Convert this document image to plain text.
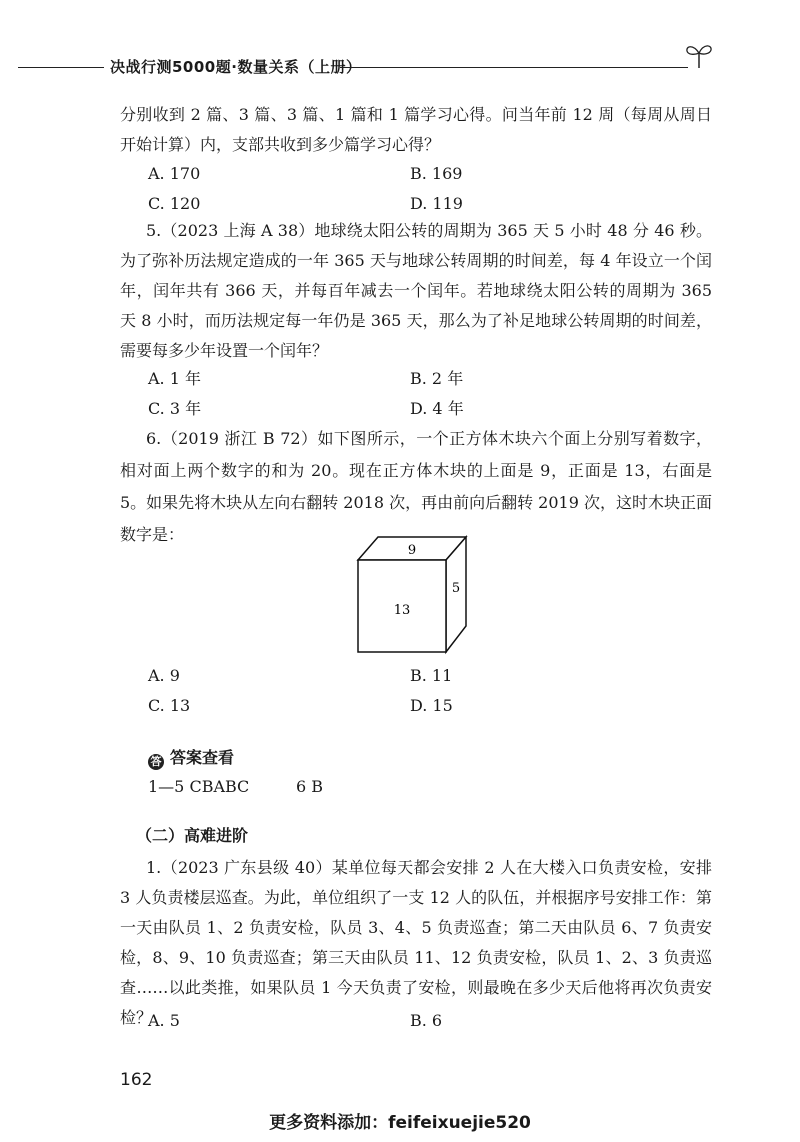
决战行测5000题·数量关系（上册）
分别收到 2 篇、3 篇、3 篇、1 篇和 1 篇学习心得。问当年前 12 周（每周从周日开始计算）内，支部共收到多少篇学习心得？
A. 170	B. 169
C. 120	D. 119
5.（2023 上海 A 38）地球绕太阳公转的周期为 365 天 5 小时 48 分 46 秒。为了弥补历法规定造成的一年 365 天与地球公转周期的时间差，每 4 年设立一个闰年，闰年共有 366 天，并每百年减去一个闰年。若地球绕太阳公转的周期为 365 天 8 小时，而历法规定每一年仍是 365 天，那么为了补足地球公转周期的时间差，需要每多少年设置一个闰年？
A. 1 年	B. 2 年
C. 3 年	D. 4 年
6.（2019 浙江 B 72）如下图所示，一个正方体木块六个面上分别写着数字，相对面上两个数字的和为 20。现在正方体木块的上面是 9，正面是 13，右面是 5。如果先将木块从左向右翻转 2018 次，再由前向后翻转 2019 次，这时木块正面数字是：
9
5
13
A. 9	B. 11
C. 13	D. 15
答 答案查看
1—5 CBABC	6 B
（二）高难进阶
1.（2023 广东县级 40）某单位每天都会安排 2 人在大楼入口负责安检，安排 3 人负责楼层巡查。为此，单位组织了一支 12 人的队伍，并根据序号安排工作：第一天由队员 1、2 负责安检，队员 3、4、5 负责巡查；第二天由队员 6、7 负责安检，8、9、10 负责巡查；第三天由队员 11、12 负责安检，队员 1、2、3 负责巡查……以此类推，如果队员 1 今天负责了安检，则最晚在多少天后他将再次负责安检？
A. 5	B. 6
162
更多资料添加：feifeixuejie520
